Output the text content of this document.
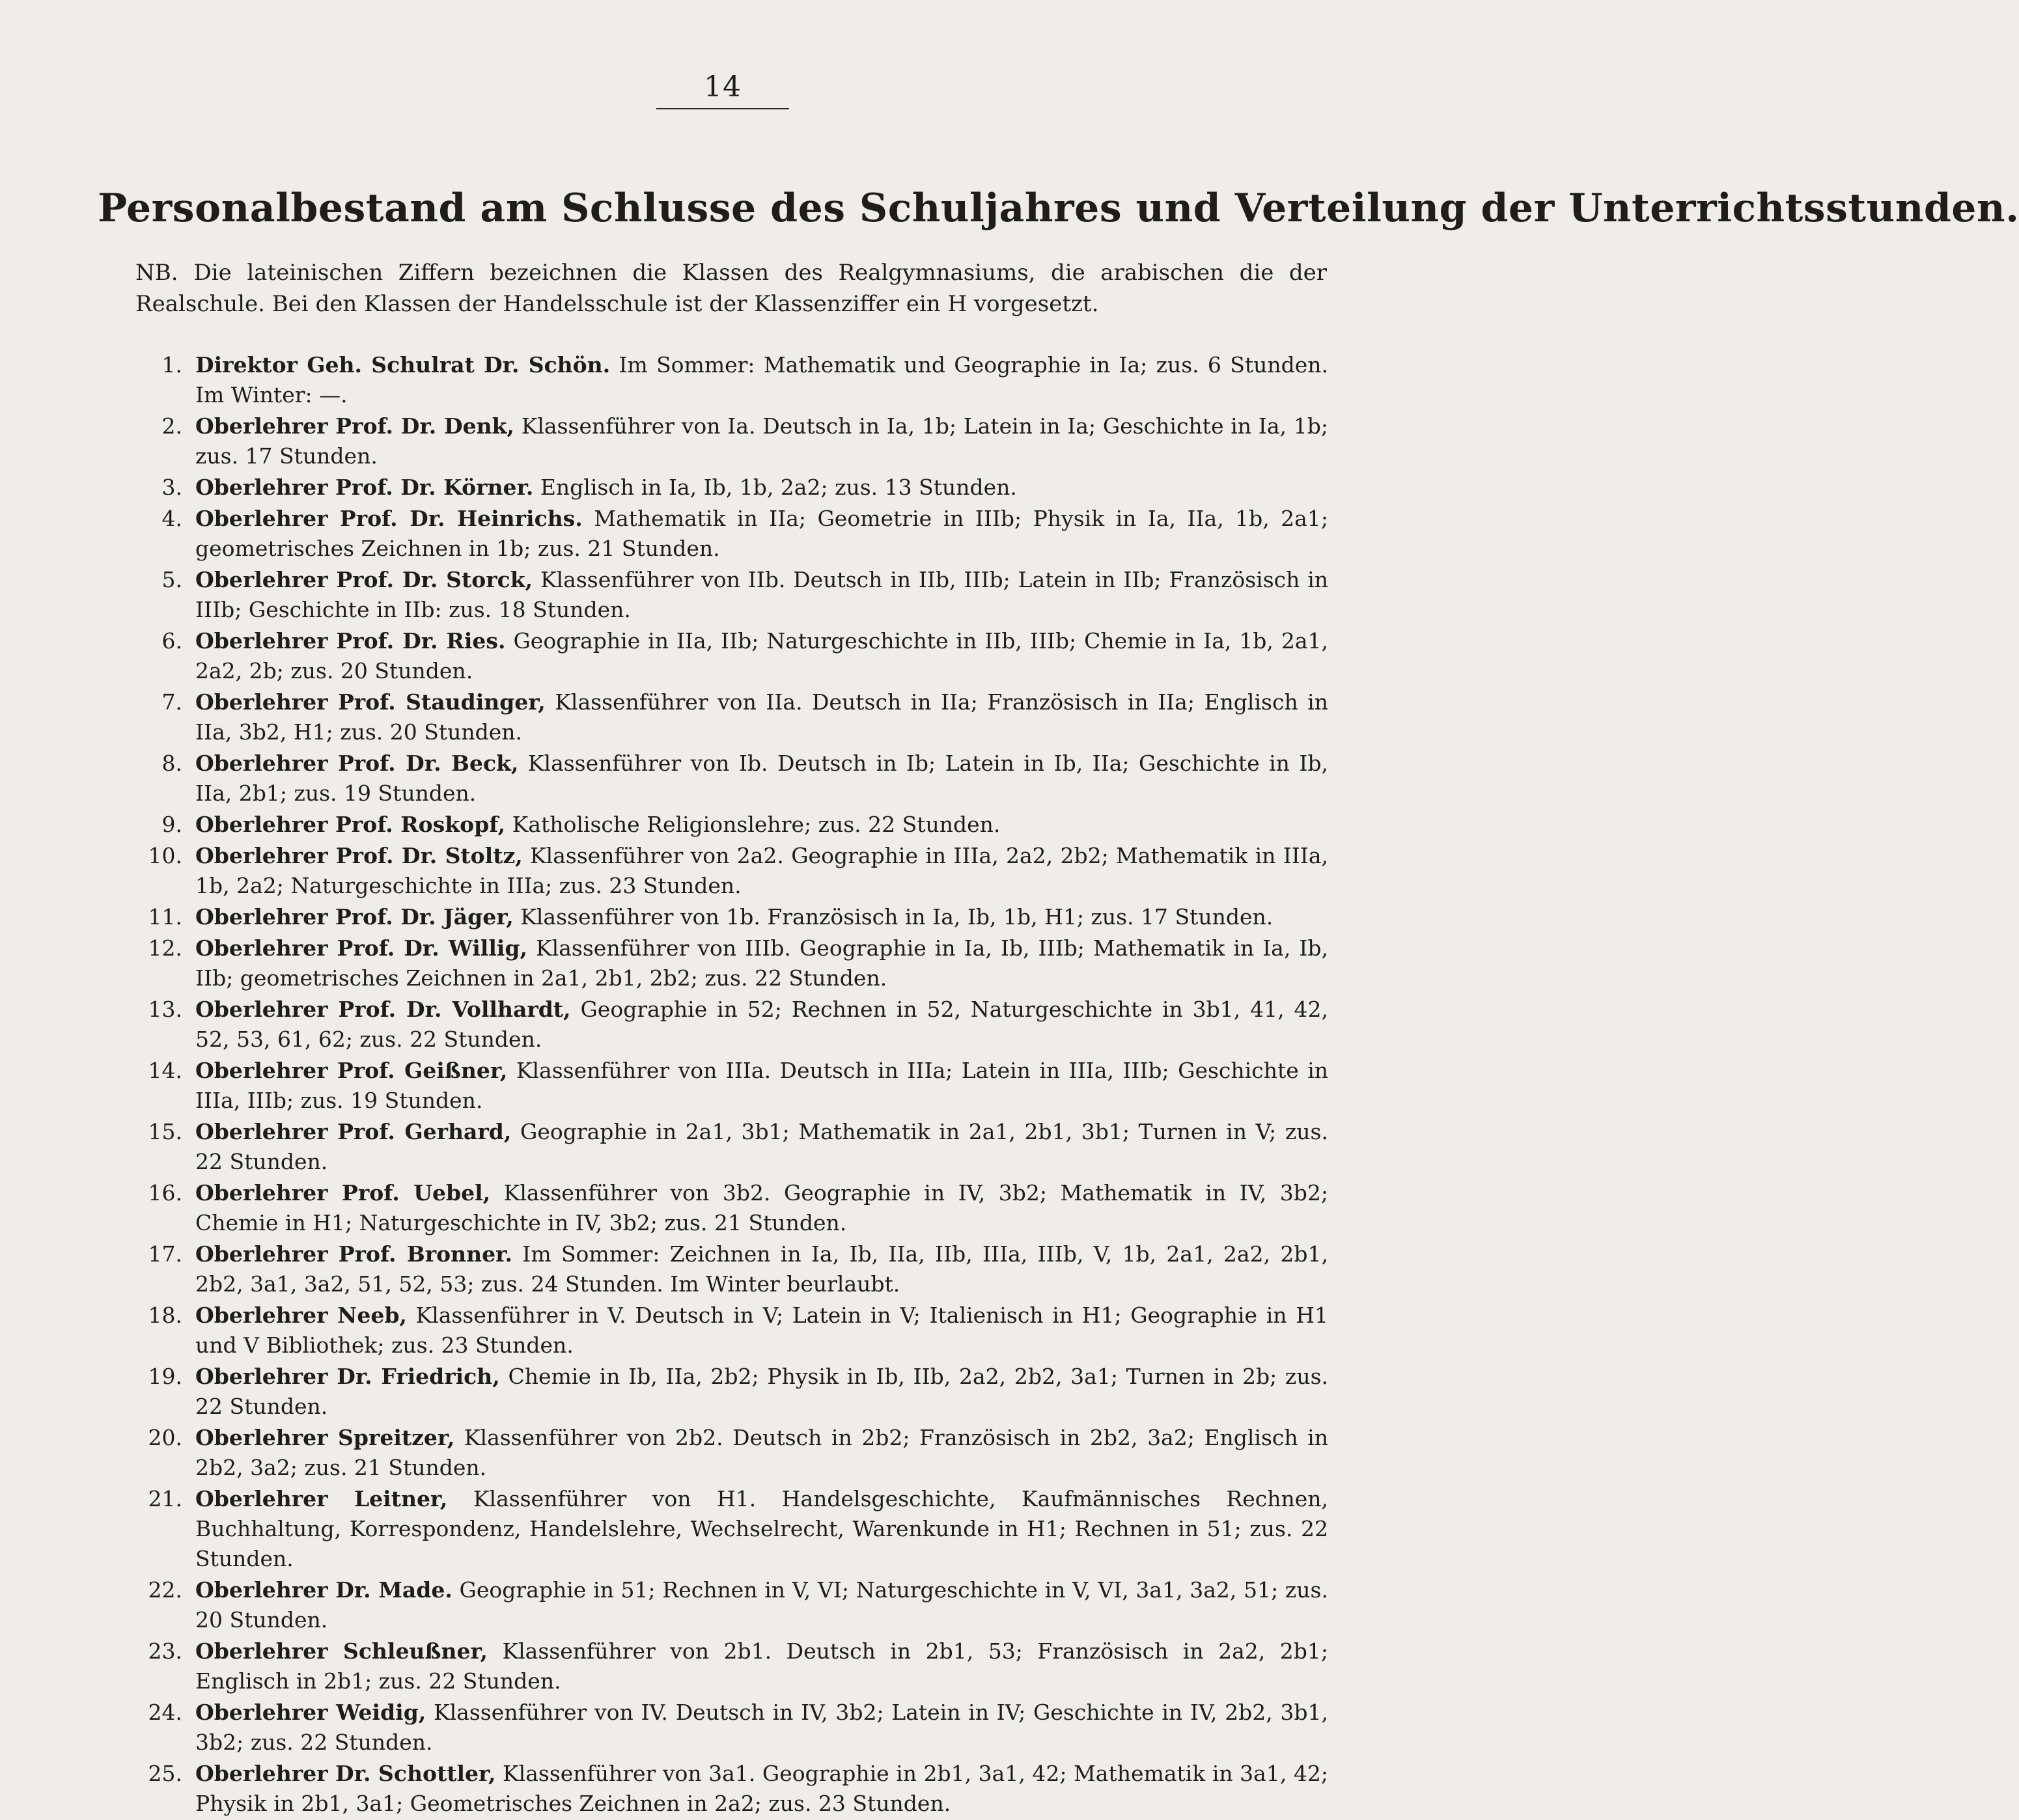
14
Personalbestand am Schlusse des Schuljahres und Verteilung der Unterrichtsstunden.
NB. Die lateinischen Ziffern bezeichnen die Klassen des Realgymnasiums, die arabischen die der Realschule. Bei den Klassen der Handelsschule ist der Klassenziffer ein H vorgesetzt.
1. Direktor Geh. Schulrat Dr. Schön. Im Sommer: Mathematik und Geographie in Ia; zus. 6 Stunden. Im Winter: —.
2. Oberlehrer Prof. Dr. Denk, Klassenführer von Ia. Deutsch in Ia, 1b; Latein in Ia; Geschichte in Ia, 1b; zus. 17 Stunden.
3. Oberlehrer Prof. Dr. Körner. Englisch in Ia, Ib, 1b, 2a2; zus. 13 Stunden.
4. Oberlehrer Prof. Dr. Heinrichs. Mathematik in IIa; Geometrie in IIIb; Physik in Ia, IIa, 1b, 2a1; geometrisches Zeichnen in 1b; zus. 21 Stunden.
5. Oberlehrer Prof. Dr. Storck, Klassenführer von IIb. Deutsch in IIb, IIIb; Latein in IIb; Französisch in IIIb; Geschichte in IIb: zus. 18 Stunden.
6. Oberlehrer Prof. Dr. Ries. Geographie in IIa, IIb; Naturgeschichte in IIb, IIIb; Chemie in Ia, 1b, 2a1, 2a2, 2b; zus. 20 Stunden.
7. Oberlehrer Prof. Staudinger, Klassenführer von IIa. Deutsch in IIa; Französisch in IIa; Englisch in IIa, 3b2, H1; zus. 20 Stunden.
8. Oberlehrer Prof. Dr. Beck, Klassenführer von Ib. Deutsch in Ib; Latein in Ib, IIa; Geschichte in Ib, IIa, 2b1; zus. 19 Stunden.
9. Oberlehrer Prof. Roskopf, Katholische Religionslehre; zus. 22 Stunden.
10. Oberlehrer Prof. Dr. Stoltz, Klassenführer von 2a2. Geographie in IIIa, 2a2, 2b2; Mathematik in IIIa, 1b, 2a2; Naturgeschichte in IIIa; zus. 23 Stunden.
11. Oberlehrer Prof. Dr. Jäger, Klassenführer von 1b. Französisch in Ia, Ib, 1b, H1; zus. 17 Stunden.
12. Oberlehrer Prof. Dr. Willig, Klassenführer von IIIb. Geographie in Ia, Ib, IIIb; Mathematik in Ia, Ib, IIb; geometrisches Zeichnen in 2a1, 2b1, 2b2; zus. 22 Stunden.
13. Oberlehrer Prof. Dr. Vollhardt, Geographie in 52; Rechnen in 52, Naturgeschichte in 3b1, 41, 42, 52, 53, 61, 62; zus. 22 Stunden.
14. Oberlehrer Prof. Geißner, Klassenführer von IIIa. Deutsch in IIIa; Latein in IIIa, IIIb; Geschichte in IIIa, IIIb; zus. 19 Stunden.
15. Oberlehrer Prof. Gerhard, Geographie in 2a1, 3b1; Mathematik in 2a1, 2b1, 3b1; Turnen in V; zus. 22 Stunden.
16. Oberlehrer Prof. Uebel, Klassenführer von 3b2. Geographie in IV, 3b2; Mathematik in IV, 3b2; Chemie in H1; Naturgeschichte in IV, 3b2; zus. 21 Stunden.
17. Oberlehrer Prof. Bronner. Im Sommer: Zeichnen in Ia, Ib, IIa, IIb, IIIa, IIIb, V, 1b, 2a1, 2a2, 2b1, 2b2, 3a1, 3a2, 51, 52, 53; zus. 24 Stunden. Im Winter beurlaubt.
18. Oberlehrer Neeb, Klassenführer in V. Deutsch in V; Latein in V; Italienisch in H1; Geographie in H1 und V Bibliothek; zus. 23 Stunden.
19. Oberlehrer Dr. Friedrich, Chemie in Ib, IIa, 2b2; Physik in Ib, IIb, 2a2, 2b2, 3a1; Turnen in 2b; zus. 22 Stunden.
20. Oberlehrer Spreitzer, Klassenführer von 2b2. Deutsch in 2b2; Französisch in 2b2, 3a2; Englisch in 2b2, 3a2; zus. 21 Stunden.
21. Oberlehrer Leitner, Klassenführer von H1. Handelsgeschichte, Kaufmännisches Rechnen, Buchhaltung, Korrespondenz, Handelslehre, Wechselrecht, Warenkunde in H1; Rechnen in 51; zus. 22 Stunden.
22. Oberlehrer Dr. Made. Geographie in 51; Rechnen in V, VI; Naturgeschichte in V, VI, 3a1, 3a2, 51; zus. 20 Stunden.
23. Oberlehrer Schleußner, Klassenführer von 2b1. Deutsch in 2b1, 53; Französisch in 2a2, 2b1; Englisch in 2b1; zus. 22 Stunden.
24. Oberlehrer Weidig, Klassenführer von IV. Deutsch in IV, 3b2; Latein in IV; Geschichte in IV, 2b2, 3b1, 3b2; zus. 22 Stunden.
25. Oberlehrer Dr. Schottler, Klassenführer von 3a1. Geographie in 2b1, 3a1, 42; Mathematik in 3a1, 42; Physik in 2b1, 3a1; Geometrisches Zeichnen in 2a2; zus. 23 Stunden.
